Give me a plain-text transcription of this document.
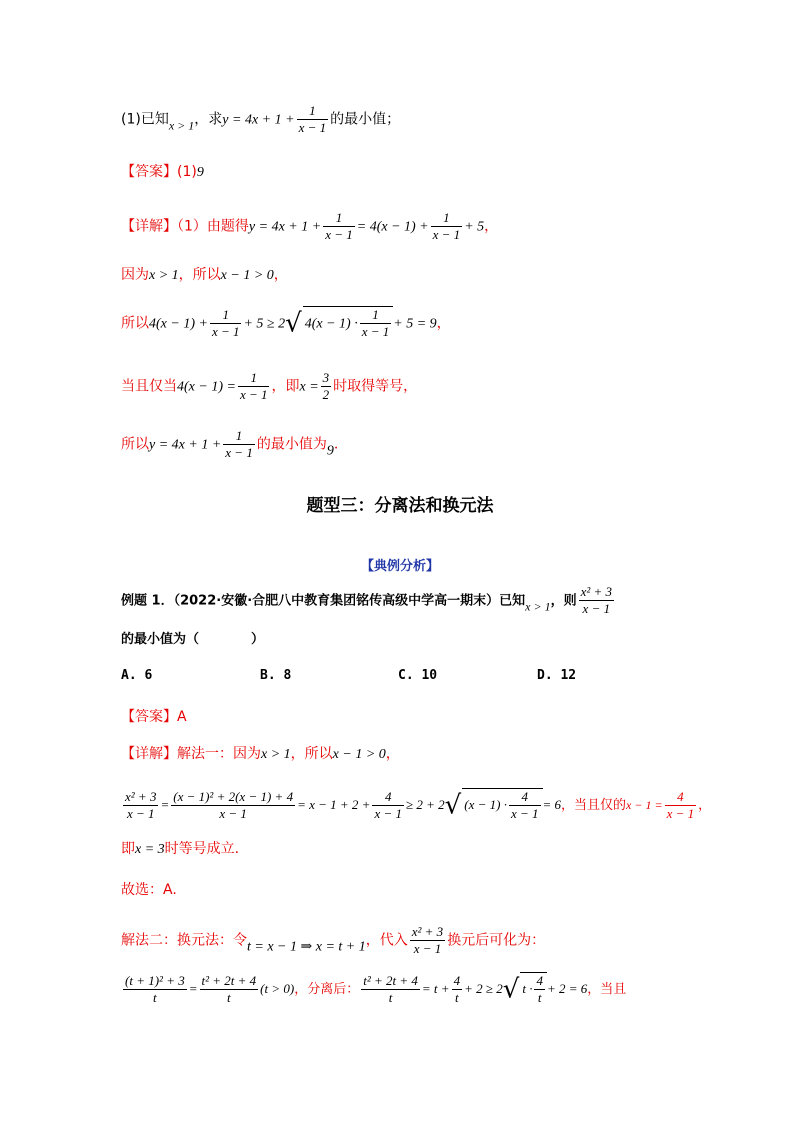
(1)已知x > 1，求$y = 4x + 1 + \frac{1}{x - 1}$ 的最小值；
【答案】(1)9
【详解】（1）由题得$y = 4x + 1 + \frac{1}{x - 1} = 4(x - 1) + \frac{1}{x - 1} + 5$，
因为x > 1，所以x − 1 > 0，
所以$4(x - 1) + \frac{1}{x - 1} + 5 \ge 2√$ $4(x - 1) \cdot \frac{1}{x - 1} + 5 = 9$，
当且仅当$4(x - 1) = \frac{1}{x - 1}$ ，即$x = \frac{3}{2}$ 时取得等号，
所以$y = 4x + 1 + \frac{1}{x - 1}$ 的最小值为9.
题型三：分离法和换元法
【典例分析】
例题 1．（2022·安徽·合肥八中教育集团铭传高级中学高一期末）已知x > 1，则 $\frac{\text{x² + 3}}{x - 1}$
的最小值为（　　　　）
A. 6	B. 8	C. 10	D. 12
【答案】A
【详解】解法一：因为x > 1，所以x − 1 > 0，
$\frac{\text{x² + 3}}{x - 1} = \frac{\text{(x − 1)² + 2(x − 1) + 4}}{x - 1} = x - 1 + 2 + \frac{4}{x - 1} \ge 2 + 2√$ $(x - 1) \cdot \frac{4}{x - 1} = 6$，当且仅的$x - 1 = \frac{4}{x - 1}$ ，
即x = 3时等号成立.
故选：A.
解法二：换元法：令t = x − 1 ⇒ x = t + 1，代入 $\frac{\text{x² + 3}}{x - 1}$ 换元后可化为：
$\frac{\text{(t + 1)² + 3}}{t} = \frac{\text{t² + 2t + 4}}{t} (t > 0)$，分离后： $\frac{\text{t² + 2t + 4}}{t} = t + \frac{4}{t} + 2 \ge 2√$ $t \cdot \frac{4}{t} + 2 = 6$，当且
